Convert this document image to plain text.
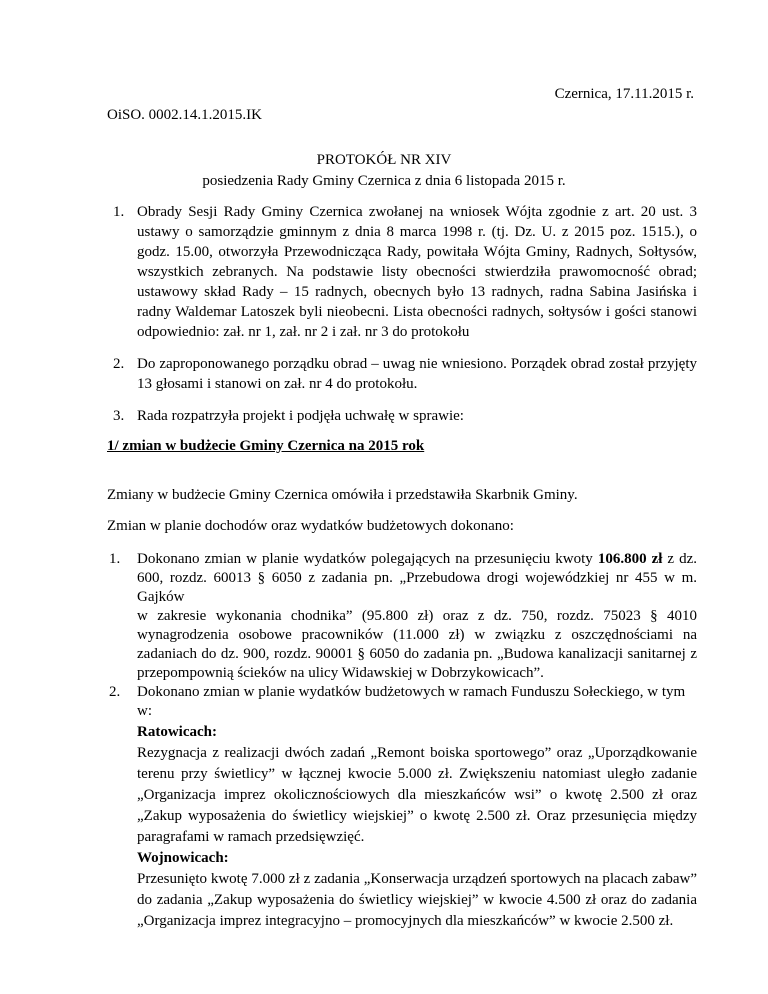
Czernica, 17.11.2015 r.
OiSO. 0002.14.1.2015.IK
PROTOKÓŁ NR XIV
posiedzenia Rady Gminy Czernica z dnia 6 listopada 2015 r.
1. Obrady Sesji Rady Gminy Czernica zwołanej na wniosek Wójta zgodnie z art. 20 ust. 3 ustawy o samorządzie gminnym z dnia 8 marca 1998 r. (tj. Dz. U. z 2015 poz. 1515.), o godz. 15.00, otworzyła Przewodnicząca Rady, powitała Wójta Gminy, Radnych, Sołtysów, wszystkich zebranych. Na podstawie listy obecności stwierdziła prawomocność obrad; ustawowy skład Rady – 15 radnych, obecnych było 13 radnych, radna Sabina Jasińska i radny Waldemar Latoszek byli nieobecni. Lista obecności radnych, sołtysów i gości stanowi odpowiednio: zał. nr 1, zał. nr 2 i zał. nr 3 do protokołu
2. Do zaproponowanego porządku obrad – uwag nie wniesiono. Porządek obrad został przyjęty 13 głosami i stanowi on zał. nr 4 do protokołu.
3. Rada rozpatrzyła projekt i podjęła uchwałę w sprawie:
1/ zmian w budżecie Gminy Czernica na 2015 rok
Zmiany w budżecie Gminy Czernica omówiła i przedstawiła Skarbnik Gminy.
Zmian w planie dochodów oraz wydatków budżetowych dokonano:
1. Dokonano zmian w planie wydatków polegających na przesunięciu kwoty 106.800 zł z dz. 600, rozdz. 60013 § 6050 z zadania pn. „Przebudowa drogi wojewódzkiej nr 455 w m. Gajków
w zakresie wykonania chodnika” (95.800 zł) oraz z dz. 750, rozdz. 75023 § 4010 wynagrodzenia osobowe pracowników (11.000 zł) w związku z oszczędnościami na zadaniach do dz. 900, rozdz. 90001 § 6050 do zadania pn. „Budowa kanalizacji sanitarnej z przepompownią ścieków na ulicy Widawskiej w Dobrzykowicach”.
2. Dokonano zmian w planie wydatków budżetowych w ramach Funduszu Sołeckiego, w tym w:
Ratowicach:
Rezygnacja z realizacji dwóch zadań „Remont boiska sportowego” oraz „Uporządkowanie terenu przy świetlicy” w łącznej kwocie 5.000 zł. Zwiększeniu natomiast uległo zadanie „Organizacja imprez okolicznościowych dla mieszkańców wsi” o kwotę 2.500 zł oraz „Zakup wyposażenia do świetlicy wiejskiej” o kwotę 2.500 zł. Oraz przesunięcia między paragrafami w ramach przedsięwzięć.
Wojnowicach:
Przesunięto kwotę 7.000 zł z zadania „Konserwacja urządzeń sportowych na placach zabaw” do zadania „Zakup wyposażenia do świetlicy wiejskiej” w kwocie 4.500 zł oraz do zadania „Organizacja imprez integracyjno – promocyjnych dla mieszkańców” w kwocie 2.500 zł.
